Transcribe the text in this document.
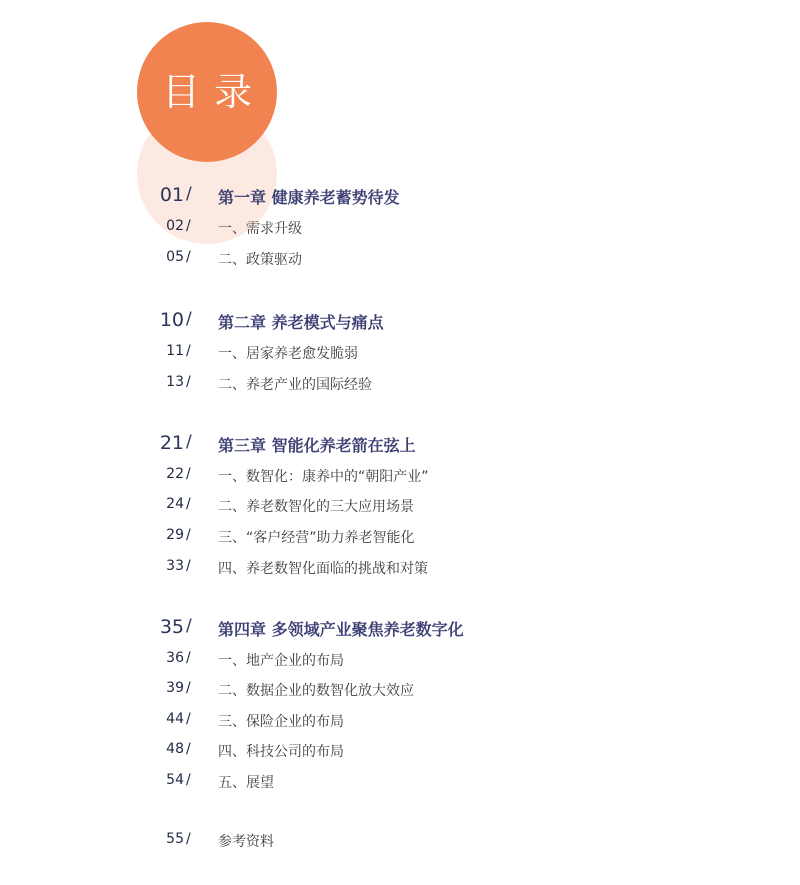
目录
01 / 第一章 健康养老蓄势待发
02 / 一、需求升级
05 / 二、政策驱动
10 / 第二章 养老模式与痛点
11 / 一、居家养老愈发脆弱
13 / 二、养老产业的国际经验
21 / 第三章 智能化养老箭在弦上
22 / 一、数智化：康养中的“朝阳产业”
24 / 二、养老数智化的三大应用场景
29 / 三、“客户经营”助力养老智能化
33 / 四、养老数智化面临的挑战和对策
35 / 第四章 多领域产业聚焦养老数字化
36 / 一、地产企业的布局
39 / 二、数据企业的数智化放大效应
44 / 三、保险企业的布局
48 / 四、科技公司的布局
54 / 五、展望
55 / 参考资料
